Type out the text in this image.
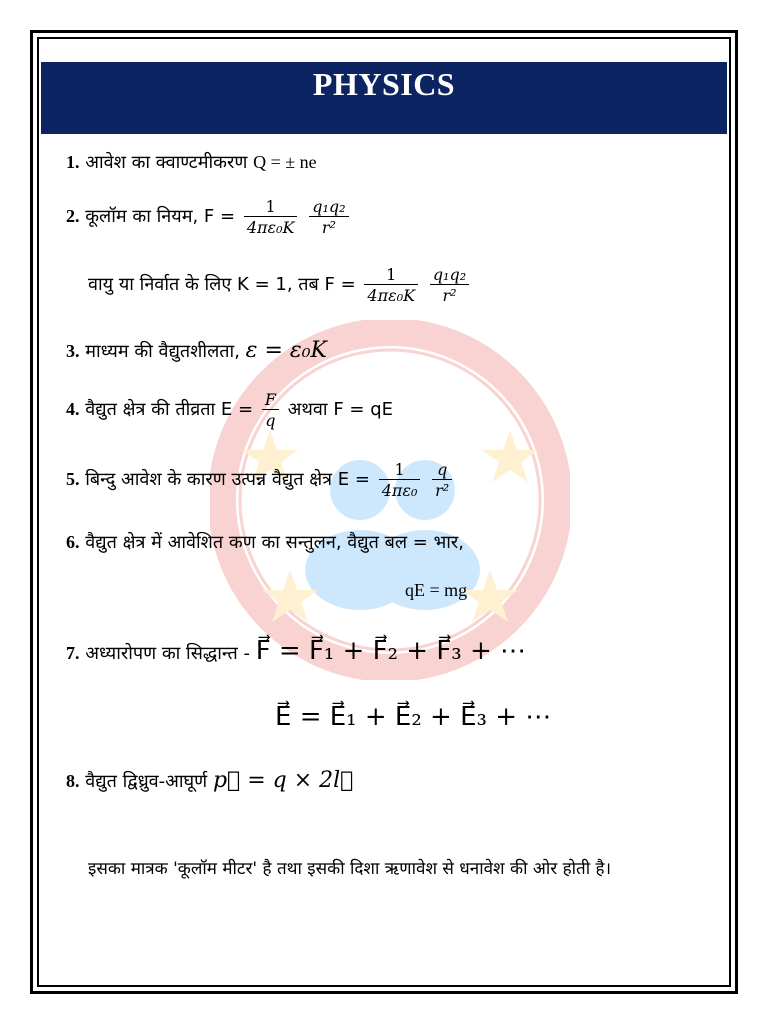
PHYSICS
1. आवेश का क्वाण्टमीकरण Q = ± ne
2. कूलॉम का नियम, $F = \frac{1}{\text{4πε₀K}}$
$\frac{\text{q₁q₂}}{\text{r²}}$
वायु या निर्वात के लिए K = 1, तब $F = \frac{1}{\text{4πε₀K}}$
$\frac{\text{q₁q₂}}{\text{r²}}$
3. माध्यम की वैद्युतशीलता, ε = ε₀K
4. वैद्युत क्षेत्र की तीव्रता $E = \frac{F}{q}$ अथवा F = qE
5. बिन्दु आवेश के कारण उत्पन्न वैद्युत क्षेत्र $E = \frac{1}{\text{4πε₀}}$
$\frac{q}{\text{r²}}$
6. वैद्युत क्षेत्र में आवेशित कण का सन्तुलन, वैद्युत बल = भार,
qE = mg
7. अध्यारोपण का सिद्धान्त - F⃗ = F⃗₁ + F⃗₂ + F⃗₃ + ⋯
E⃗ = E⃗₁ + E⃗₂ + E⃗₃ + ⋯
8. वैद्युत द्विध्रुव-आघूर्ण p⃗ = q × 2l⃗
इसका मात्रक 'कूलॉम मीटर' है तथा इसकी दिशा ऋणावेश से धनावेश की ओर होती है।
